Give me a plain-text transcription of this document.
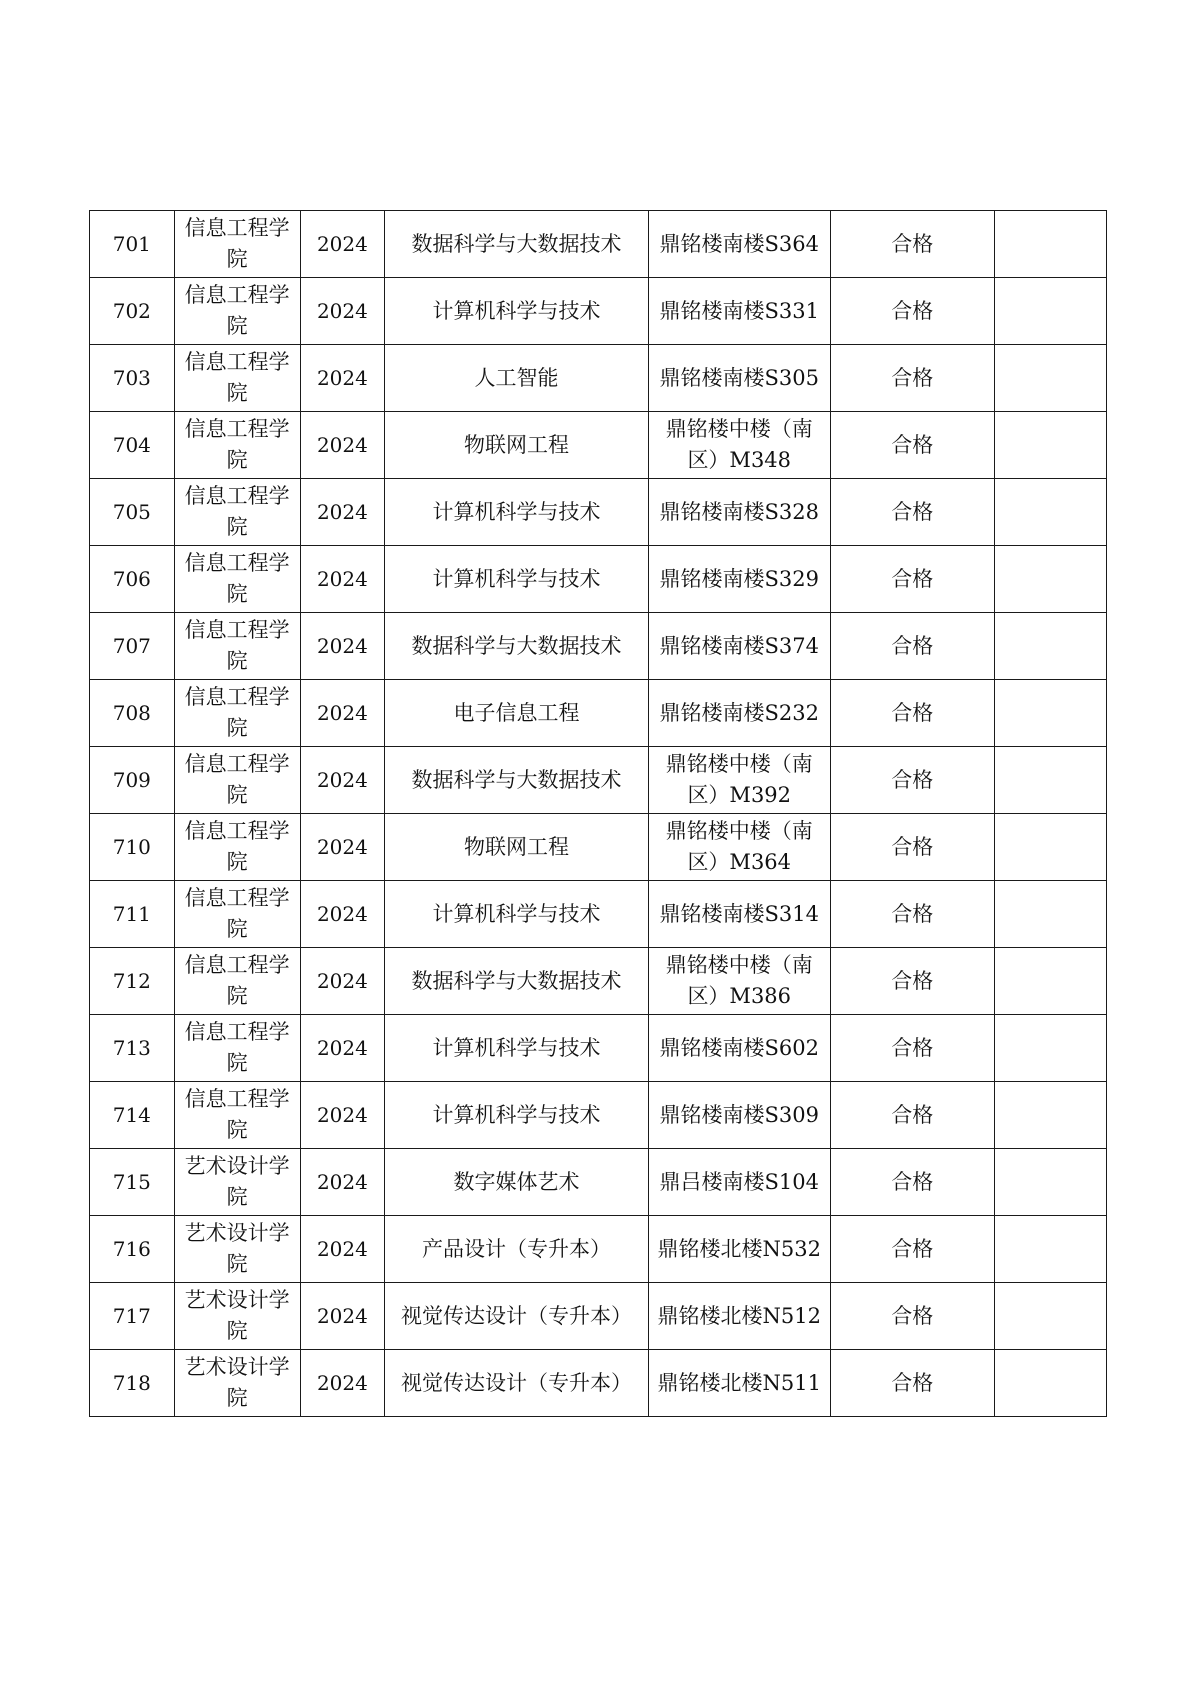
701	信息工程学院	2024	数据科学与大数据技术	鼎铭楼南楼S364	合格	
702	信息工程学院	2024	计算机科学与技术	鼎铭楼南楼S331	合格	
703	信息工程学院	2024	人工智能	鼎铭楼南楼S305	合格	
704	信息工程学院	2024	物联网工程	鼎铭楼中楼（南区）M348	合格	
705	信息工程学院	2024	计算机科学与技术	鼎铭楼南楼S328	合格	
706	信息工程学院	2024	计算机科学与技术	鼎铭楼南楼S329	合格	
707	信息工程学院	2024	数据科学与大数据技术	鼎铭楼南楼S374	合格	
708	信息工程学院	2024	电子信息工程	鼎铭楼南楼S232	合格	
709	信息工程学院	2024	数据科学与大数据技术	鼎铭楼中楼（南区）M392	合格	
710	信息工程学院	2024	物联网工程	鼎铭楼中楼（南区）M364	合格	
711	信息工程学院	2024	计算机科学与技术	鼎铭楼南楼S314	合格	
712	信息工程学院	2024	数据科学与大数据技术	鼎铭楼中楼（南区）M386	合格	
713	信息工程学院	2024	计算机科学与技术	鼎铭楼南楼S602	合格	
714	信息工程学院	2024	计算机科学与技术	鼎铭楼南楼S309	合格	
715	艺术设计学院	2024	数字媒体艺术	鼎吕楼南楼S104	合格	
716	艺术设计学院	2024	产品设计（专升本）	鼎铭楼北楼N532	合格	
717	艺术设计学院	2024	视觉传达设计（专升本）	鼎铭楼北楼N512	合格	
718	艺术设计学院	2024	视觉传达设计（专升本）	鼎铭楼北楼N511	合格	
